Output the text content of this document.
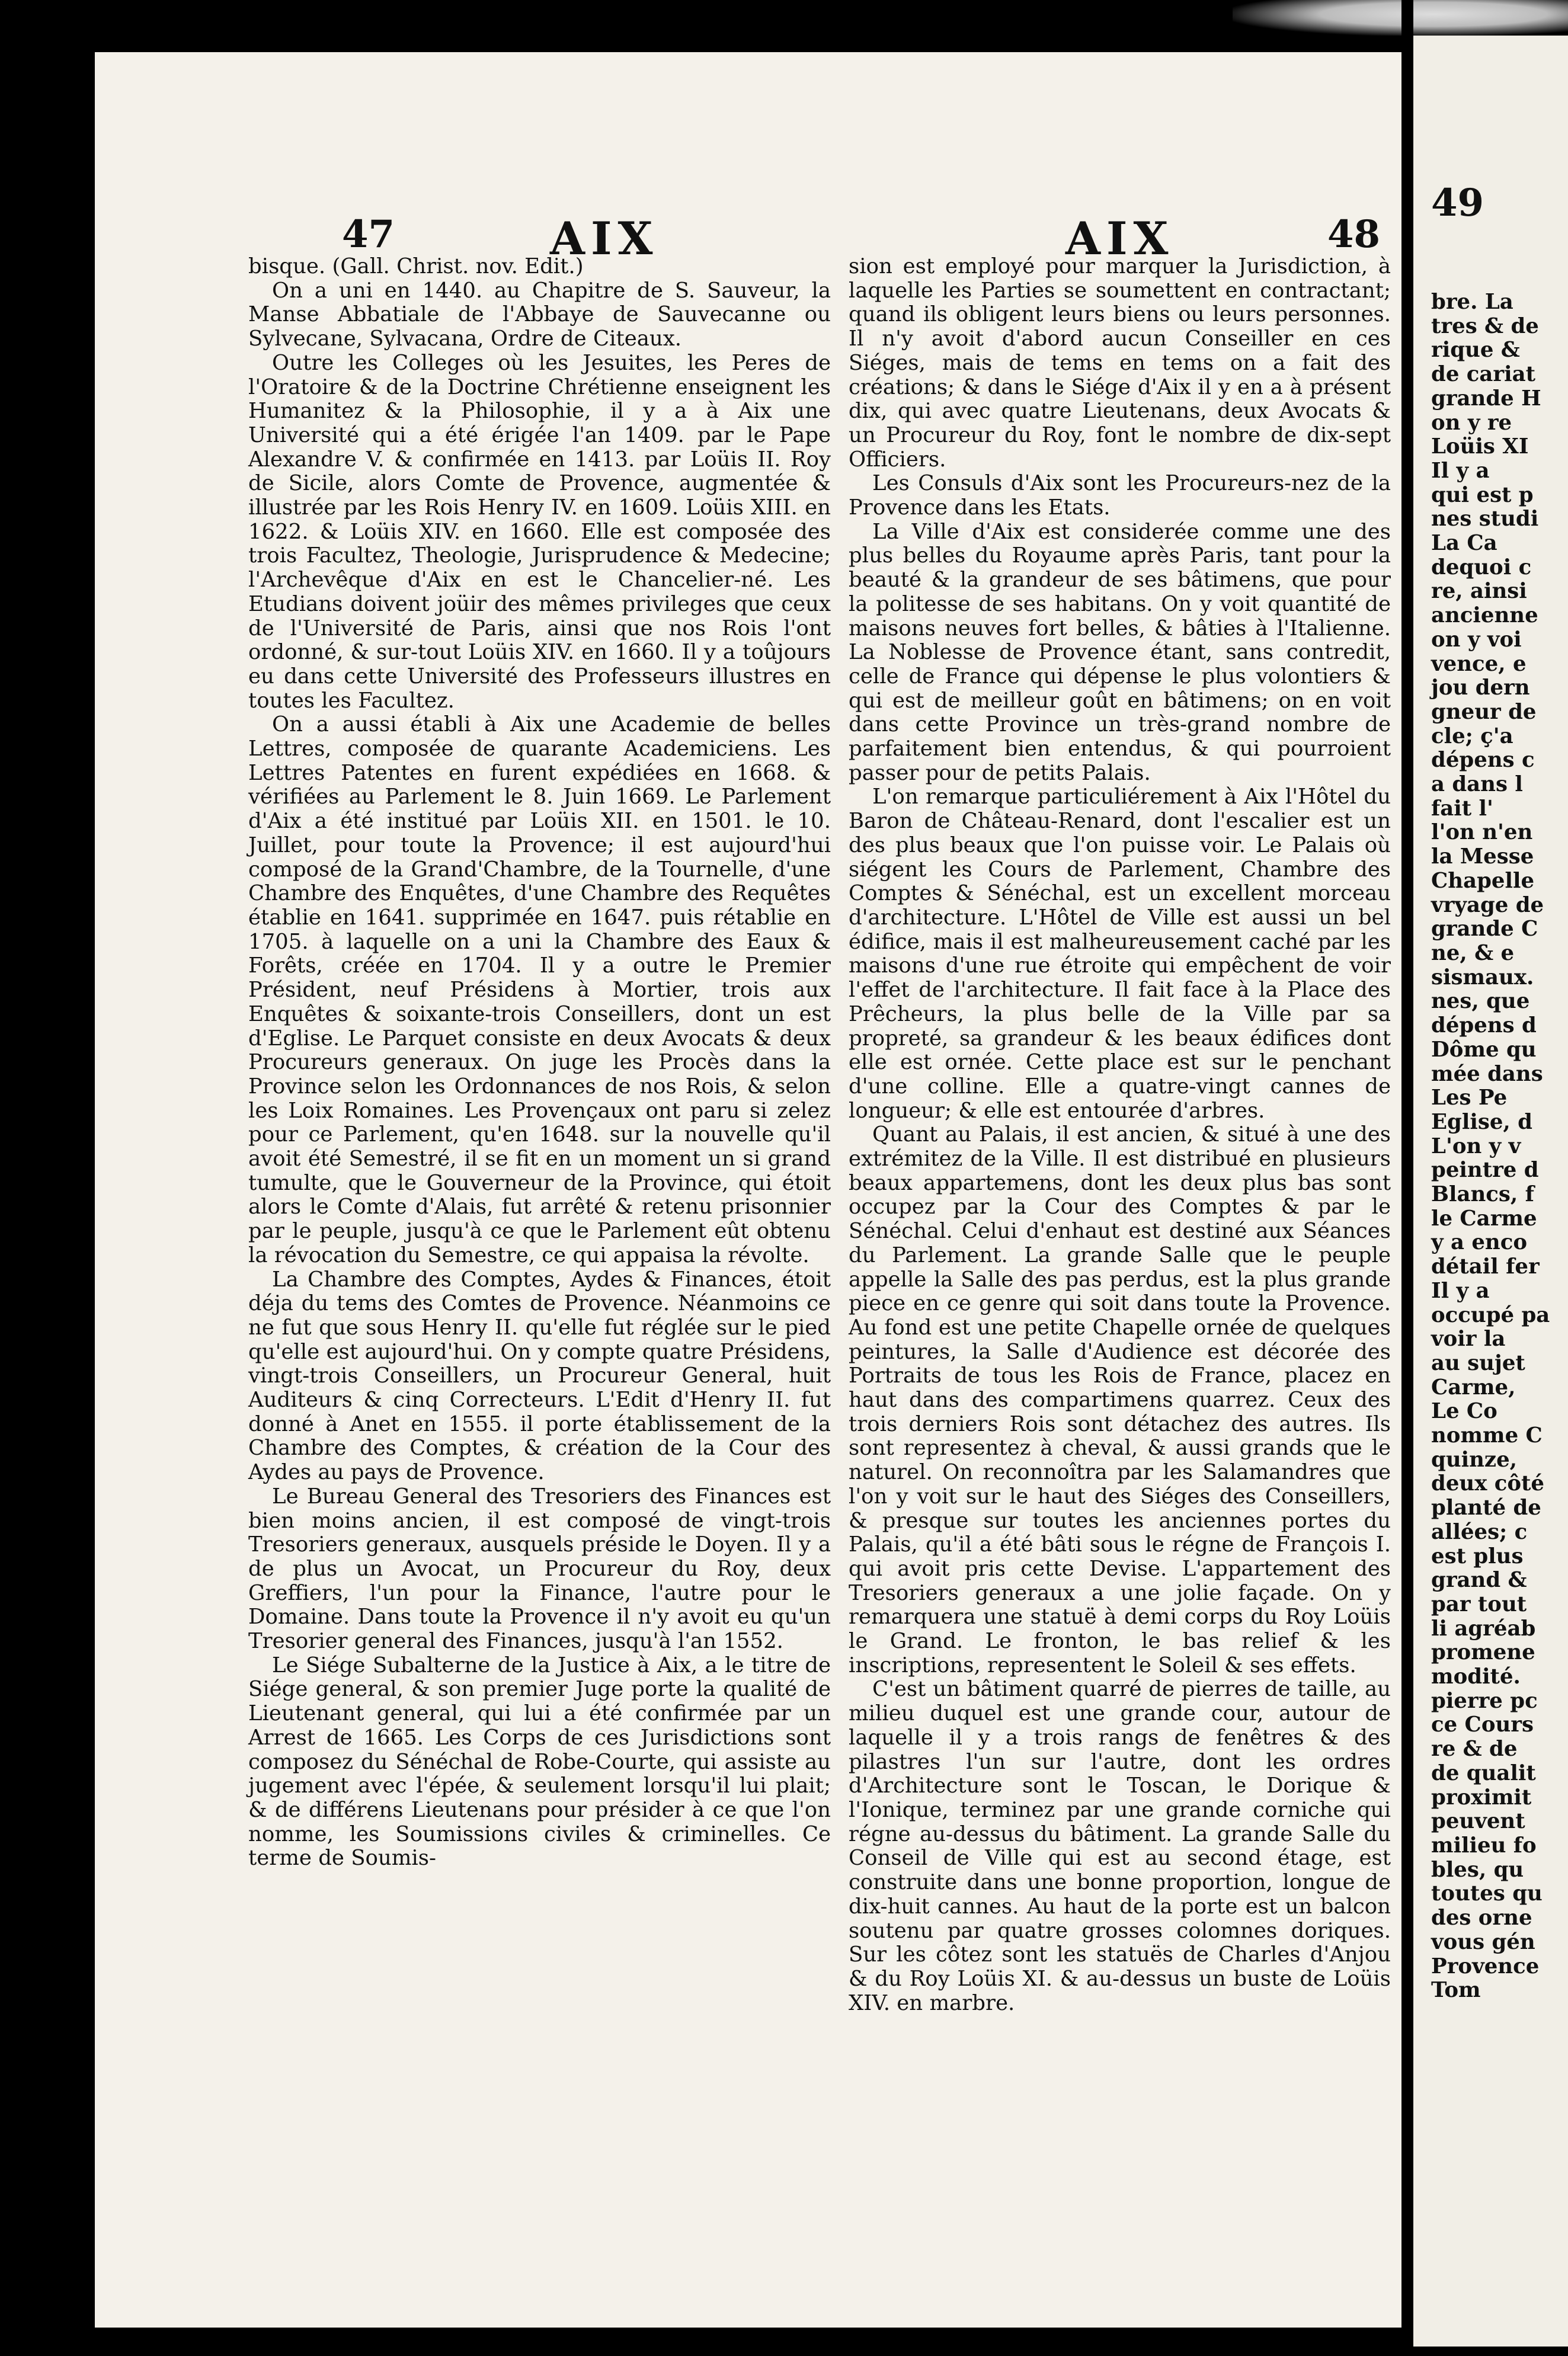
47	AIX	AIX	48

bisque. (Gall. Christ. nov. Edit.)

On a uni en 1440. au Chapitre de S. Sauveur, la Manse Abbatiale de l'Abbaye de Sauvecanne ou Sylvecane, Sylvacana, Ordre de Citeaux.

Outre les Colleges où les Jesuites, les Peres de l'Oratoire & de la Doctrine Chrétienne enseignent les Humanitez & la Philosophie, il y a à Aix une Université qui a été érigée l'an 1409. par le Pape Alexandre V. & confirmée en 1413. par Loüis II. Roy de Sicile, alors Comte de Provence, augmentée & illustrée par les Rois Henry IV. en 1609. Loüis XIII. en 1622. & Loüis XIV. en 1660. Elle est composée des trois Facultez, Theologie, Jurisprudence & Medecine; l'Archevêque d'Aix en est le Chancelier-né. Les Etudians doivent joüir des mêmes privileges que ceux de l'Université de Paris, ainsi que nos Rois l'ont ordonné, & sur-tout Loüis XIV. en 1660. Il y a toûjours eu dans cette Université des Professeurs illustres en toutes les Facultez.

On a aussi établi à Aix une Academie de belles Lettres, composée de quarante Academiciens. Les Lettres Patentes en furent expédiées en 1668. & vérifiées au Parlement le 8. Juin 1669. Le Parlement d'Aix a été institué par Loüis XII. en 1501. le 10. Juillet, pour toute la Provence; il est aujourd'hui composé de la Grand'Chambre, de la Tournelle, d'une Chambre des Enquêtes, d'une Chambre des Requêtes établie en 1641. supprimée en 1647. puis rétablie en 1705. à laquelle on a uni la Chambre des Eaux & Forêts, créée en 1704. Il y a outre le Premier Président, neuf Présidens à Mortier, trois aux Enquêtes & soixante-trois Conseillers, dont un est d'Eglise. Le Parquet consiste en deux Avocats & deux Procureurs generaux. On juge les Procès dans la Province selon les Ordonnances de nos Rois, & selon les Loix Romaines. Les Provençaux ont paru si zelez pour ce Parlement, qu'en 1648. sur la nouvelle qu'il avoit été Semestré, il se fit en un moment un si grand tumulte, que le Gouverneur de la Province, qui étoit alors le Comte d'Alais, fut arrêté & retenu prisonnier par le peuple, jusqu'à ce que le Parlement eût obtenu la révocation du Semestre, ce qui appaisa la révolte.

La Chambre des Comptes, Aydes & Finances, étoit déja du tems des Comtes de Provence. Néanmoins ce ne fut que sous Henry II. qu'elle fut réglée sur le pied qu'elle est aujourd'hui. On y compte quatre Présidens, vingt-trois Conseillers, un Procureur General, huit Auditeurs & cinq Correcteurs. L'Edit d'Henry II. fut donné à Anet en 1555. il porte établissement de la Chambre des Comptes, & création de la Cour des Aydes au pays de Provence.

Le Bureau General des Tresoriers des Finances est bien moins ancien, il est composé de vingt-trois Tresoriers generaux, ausquels préside le Doyen. Il y a de plus un Avocat, un Procureur du Roy, deux Greffiers, l'un pour la Finance, l'autre pour le Domaine. Dans toute la Provence il n'y avoit eu qu'un Tresorier general des Finances, jusqu'à l'an 1552.

Le Siége Subalterne de la Justice à Aix, a le titre de Siége general, & son premier Juge porte la qualité de Lieutenant general, qui lui a été confirmée par un Arrest de 1665. Les Corps de ces Jurisdictions sont composez du Sénéchal de Robe-Courte, qui assiste au jugement avec l'épée, & seulement lorsqu'il lui plait; & de différens Lieutenans pour présider à ce que l'on nomme, les Soumissions civiles & criminelles. Ce terme de Soumis-

sion est employé pour marquer la Jurisdiction, à laquelle les Parties se soumettent en contractant; quand ils obligent leurs biens ou leurs personnes. Il n'y avoit d'abord aucun Conseiller en ces Siéges, mais de tems en tems on a fait des créations; & dans le Siége d'Aix il y en a à présent dix, qui avec quatre Lieutenans, deux Avocats & un Procureur du Roy, font le nombre de dix-sept Officiers.

Les Consuls d'Aix sont les Procureurs-nez de la Provence dans les Etats.

La Ville d'Aix est considerée comme une des plus belles du Royaume après Paris, tant pour la beauté & la grandeur de ses bâtimens, que pour la politesse de ses habitans. On y voit quantité de maisons neuves fort belles, & bâties à l'Italienne. La Noblesse de Provence étant, sans contredit, celle de France qui dépense le plus volontiers & qui est de meilleur goût en bâtimens; on en voit dans cette Province un très-grand nombre de parfaitement bien entendus, & qui pourroient passer pour de petits Palais.

L'on remarque particuliérement à Aix l'Hôtel du Baron de Château-Renard, dont l'escalier est un des plus beaux que l'on puisse voir. Le Palais où siégent les Cours de Parlement, Chambre des Comptes & Sénéchal, est un excellent morceau d'architecture. L'Hôtel de Ville est aussi un bel édifice, mais il est malheureusement caché par les maisons d'une rue étroite qui empêchent de voir l'effet de l'architecture. Il fait face à la Place des Prêcheurs, la plus belle de la Ville par sa propreté, sa grandeur & les beaux édifices dont elle est ornée. Cette place est sur le penchant d'une colline. Elle a quatre-vingt cannes de longueur; & elle est entourée d'arbres.

Quant au Palais, il est ancien, & situé à une des extrémitez de la Ville. Il est distribué en plusieurs beaux appartemens, dont les deux plus bas sont occupez par la Cour des Comptes & par le Sénéchal. Celui d'enhaut est destiné aux Séances du Parlement. La grande Salle que le peuple appelle la Salle des pas perdus, est la plus grande piece en ce genre qui soit dans toute la Provence. Au fond est une petite Chapelle ornée de quelques peintures, la Salle d'Audience est décorée des Portraits de tous les Rois de France, placez en haut dans des compartimens quarrez. Ceux des trois derniers Rois sont détachez des autres. Ils sont representez à cheval, & aussi grands que le naturel. On reconnoîtra par les Salamandres que l'on y voit sur le haut des Siéges des Conseillers, & presque sur toutes les anciennes portes du Palais, qu'il a été bâti sous le régne de François I. qui avoit pris cette Devise. L'appartement des Tresoriers generaux a une jolie façade. On y remarquera une statuë à demi corps du Roy Loüis le Grand. Le fronton, le bas relief & les inscriptions, representent le Soleil & ses effets.

C'est un bâtiment quarré de pierres de taille, au milieu duquel est une grande cour, autour de laquelle il y a trois rangs de fenêtres & des pilastres l'un sur l'autre, dont les ordres d'Architecture sont le Toscan, le Dorique & l'Ionique, terminez par une grande corniche qui régne au-dessus du bâtiment. La grande Salle du Conseil de Ville qui est au second étage, est construite dans une bonne proportion, longue de dix-huit cannes. Au haut de la porte est un balcon soutenu par quatre grosses colomnes doriques. Sur les côtez sont les statuës de Charles d'Anjou & du Roy Loüis XI. & au-dessus un buste de Loüis XIV. en marbre.

49
bre. La
tres & de
rique &
de cariat
grande H
on y re
Loüis XI
Il y a
qui est p
nes studi
La Ca
dequoi c
re, ainsi
ancienne
on y voi
vence, e
jou dern
gneur de
cle; ç'a
dépens c
a dans l
fait l'
l'on n'en
la Messe
Chapelle
vryage de
grande C
ne, & e
sismaux.
nes, que
dépens d
Dôme qu
mée dans
Les Pe
Eglise, d
L'on y v
peintre d
Blancs, f
le Carme
y a enco
détail fer
Il y a
occupé pa
voir la
au sujet
Carme,
Le Co
nomme C
quinze,
deux côté
planté de
allées; c
est plus
grand &
par tout
li agréab
promene
modité.
pierre pc
ce Cours
re & de
de qualit
proximit
peuvent
milieu fo
bles, qu
toutes qu
des orne
vous gén
Provence
Tom
